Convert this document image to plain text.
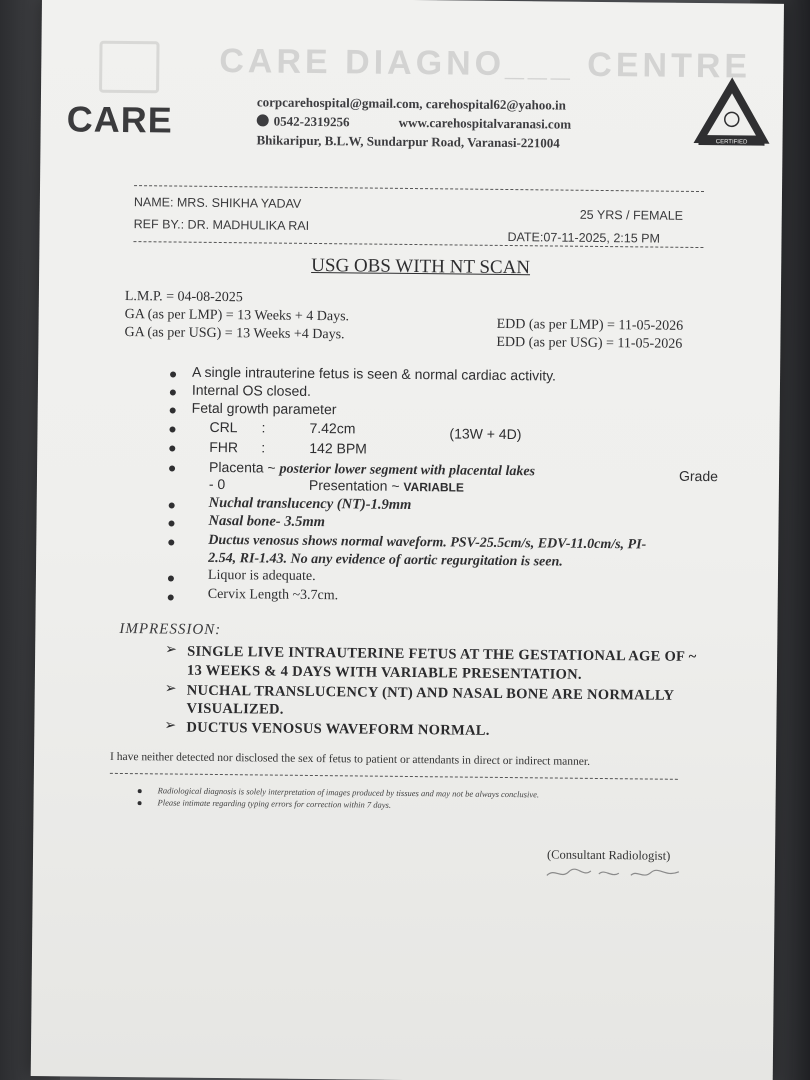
CARE DIAGNO___ CENTRE
CARE	corpcarehospital@gmail.com, carehospital62@yahoo.in
0542-2319256	www.carehospitalvaranasi.com
Bhikaripur, B.L.W, Sundarpur Road, Varanasi-221004	CERTIFIED
NAME: MRS. SHIKHA YADAV
25 YRS / FEMALE
REF BY.: DR. MADHULIKA RAI
DATE:07-11-2025, 2:15 PM
USG OBS WITH NT SCAN
L.M.P. = 04-08-2025
GA (as per LMP) = 13 Weeks + 4 Days.
GA (as per USG) = 13 Weeks +4 Days.	EDD (as per LMP) = 11-05-2026
EDD (as per USG) = 11-05-2026
A single intrauterine fetus is seen & normal cardiac activity.
Internal OS closed.
Fetal growth parameter
CRL :	7.42cm	(13W + 4D)
FHR :	142 BPM
Placenta ~ posterior lower segment with placental lakes	Grade
- 0	Presentation ~ VARIABLE
Nuchal translucency (NT)-1.9mm
Nasal bone- 3.5mm
Ductus venosus shows normal waveform. PSV-25.5cm/s, EDV-11.0cm/s, PI-
2.54, RI-1.43. No any evidence of aortic regurgitation is seen.
Liquor is adequate.
Cervix Length ~3.7cm.
IMPRESSION:
➢ SINGLE LIVE INTRAUTERINE FETUS AT THE GESTATIONAL AGE OF ~
13 WEEKS & 4 DAYS WITH VARIABLE PRESENTATION.
➢ NUCHAL TRANSLUCENCY (NT) AND NASAL BONE ARE NORMALLY
VISUALIZED.
➢ DUCTUS VENOSUS WAVEFORM NORMAL.
I have neither detected nor disclosed the sex of fetus to patient or attendants in direct or indirect manner.
Radiological diagnosis is solely interpretation of images produced by tissues and may not be always conclusive.
Please intimate regarding typing errors for correction within 7 days.
(Consultant Radiologist)
